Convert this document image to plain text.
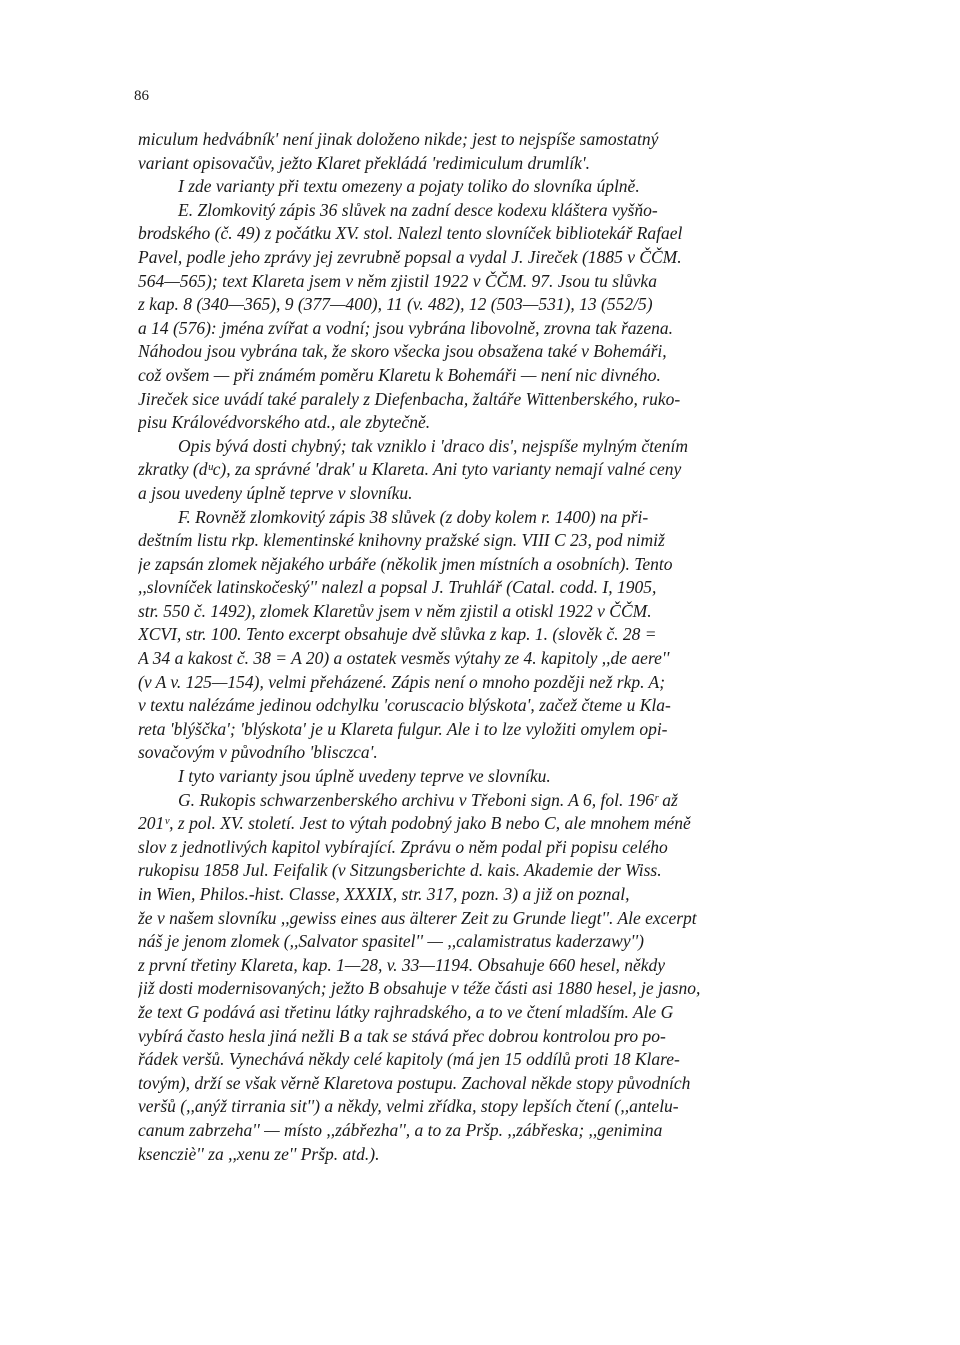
86
miculum hedvábník' není jinak doloženo nikde; jest to nejspíše samostatný
variant opisovačův, ježto Klaret překládá 'redimiculum drumlík'.
I zde varianty při textu omezeny a pojaty toliko do slovníka úplně.
E. Zlomkovitý zápis 36 slůvek na zadní desce kodexu kláštera vyšňo-
brodského (č. 49) z počátku XV. stol. Nalezl tento slovníček bibliotekář Rafael
Pavel, podle jeho zprávy jej zevrubně popsal a vydal J. Jireček (1885 v ČČM.
564—565); text Klareta jsem v něm zjistil 1922 v ČČM. 97. Jsou tu slůvka
z kap. 8 (340—365), 9 (377—400), 11 (v. 482), 12 (503—531), 13 (552/5)
a 14 (576): jména zvířat a vodní; jsou vybrána libovolně, zrovna tak řazena.
Náhodou jsou vybrána tak, že skoro všecka jsou obsažena také v Bohemáři,
což ovšem — při známém poměru Klaretu k Bohemáři — není nic divného.
Jireček sice uvádí také paralely z Diefenbacha, žaltáře Wittenberského, ruko-
pisu Královédvorského atd., ale zbytečně.
Opis bývá dosti chybný; tak vzniklo i 'draco dis', nejspíše mylným čtením
zkratky (dᵘc), za správné 'drak' u Klareta. Ani tyto varianty nemají valné ceny
a jsou uvedeny úplně teprve v slovníku.
F. Rovněž zlomkovitý zápis 38 slůvek (z doby kolem r. 1400) na při-
deštním listu rkp. klementinské knihovny pražské sign. VIII C 23, pod nimiž
je zapsán zlomek nějakého urbáře (několik jmen místních a osobních). Tento
,,slovníček latinskočeský'' nalezl a popsal J. Truhlář (Catal. codd. I, 1905,
str. 550 č. 1492), zlomek Klaretův jsem v něm zjistil a otiskl 1922 v ČČM.
XCVI, str. 100. Tento excerpt obsahuje dvě slůvka z kap. 1. (slověk č. 28 =
A 34 a kakost č. 38 = A 20) a ostatek vesměs výtahy ze 4. kapitoly ,,de aere''
(v A v. 125—154), velmi přeházené. Zápis není o mnoho později než rkp. A;
v textu nalézáme jedinou odchylku 'coruscacio blýskota', začež čteme u Kla-
reta 'blýščka'; 'blýskota' je u Klareta fulgur. Ale i to lze vyložiti omylem opi-
sovačovým v původního 'blisczca'.
I tyto varianty jsou úplně uvedeny teprve ve slovníku.
G. Rukopis schwarzenberského archivu v Třeboni sign. A 6, fol. 196ʳ až
201ᵛ, z pol. XV. století. Jest to výtah podobný jako B nebo C, ale mnohem méně
slov z jednotlivých kapitol vybírající. Zprávu o něm podal při popisu celého
rukopisu 1858 Jul. Feifalik (v Sitzungsberichte d. kais. Akademie der Wiss.
in Wien, Philos.-hist. Classe, XXXIX, str. 317, pozn. 3) a již on poznal,
že v našem slovníku ,,gewiss eines aus älterer Zeit zu Grunde liegt''. Ale excerpt
náš je jenom zlomek (,,Salvator spasitel'' — ,,calamistratus kaderzawy'')
z první třetiny Klareta, kap. 1—28, v. 33—1194. Obsahuje 660 hesel, někdy
již dosti modernisovaných; ježto B obsahuje v téže části asi 1880 hesel, je jasno,
že text G podává asi třetinu látky rajhradského, a to ve čtení mladším. Ale G
vybírá často hesla jiná nežli B a tak se stává přec dobrou kontrolou pro po-
řádek veršů. Vynechává někdy celé kapitoly (má jen 15 oddílů proti 18 Klare-
tovým), drží se však věrně Klaretova postupu. Zachoval někde stopy původních
veršů (,,anýž tirrania sit'') a někdy, velmi zřídka, stopy lepších čtení (,,antelu-
canum zabrzeha'' — místo ,,zábřezha'', a to za Pršp. ,,zábřeska; ,,genimina
ksencziè'' za ,,xenu ze'' Pršp. atd.).
